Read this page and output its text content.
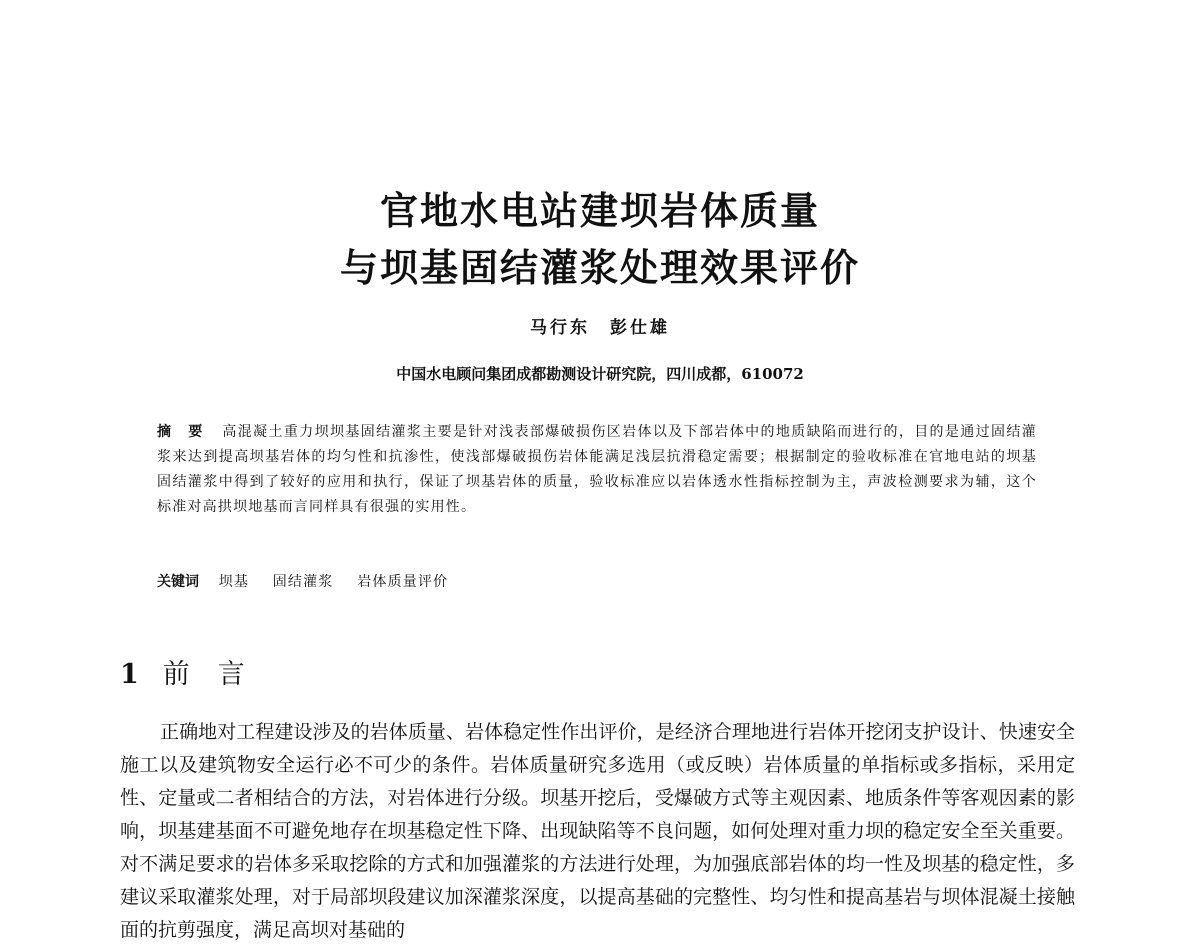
官地水电站建坝岩体质量
与坝基固结灌浆处理效果评价
马行东 彭仕雄
中国水电顾问集团成都勘测设计研究院，四川成都，610072
摘 要 高混凝土重力坝坝基固结灌浆主要是针对浅表部爆破损伤区岩体以及下部岩体中的地质缺陷而进行的，目的是通过固结灌浆来达到提高坝基岩体的均匀性和抗渗性，使浅部爆破损伤岩体能满足浅层抗滑稳定需要；根据制定的验收标准在官地电站的坝基固结灌浆中得到了较好的应用和执行，保证了坝基岩体的质量，验收标准应以岩体透水性指标控制为主，声波检测要求为辅，这个标准对高拱坝地基而言同样具有很强的实用性。
关键词 坝基 固结灌浆 岩体质量评价
1 前言
正确地对工程建设涉及的岩体质量、岩体稳定性作出评价，是经济合理地进行岩体开挖闭支护设计、快速安全施工以及建筑物安全运行必不可少的条件。岩体质量研究多选用（或反映）岩体质量的单指标或多指标，采用定性、定量或二者相结合的方法，对岩体进行分级。坝基开挖后，受爆破方式等主观因素、地质条件等客观因素的影响，坝基建基面不可避免地存在坝基稳定性下降、出现缺陷等不良问题，如何处理对重力坝的稳定安全至关重要。对不满足要求的岩体多采取挖除的方式和加强灌浆的方法进行处理，为加强底部岩体的均一性及坝基的稳定性，多建议采取灌浆处理，对于局部坝段建议加深灌浆深度，以提高基础的完整性、均匀性和提高基岩与坝体混凝土接触面的抗剪强度，满足高坝对基础的
